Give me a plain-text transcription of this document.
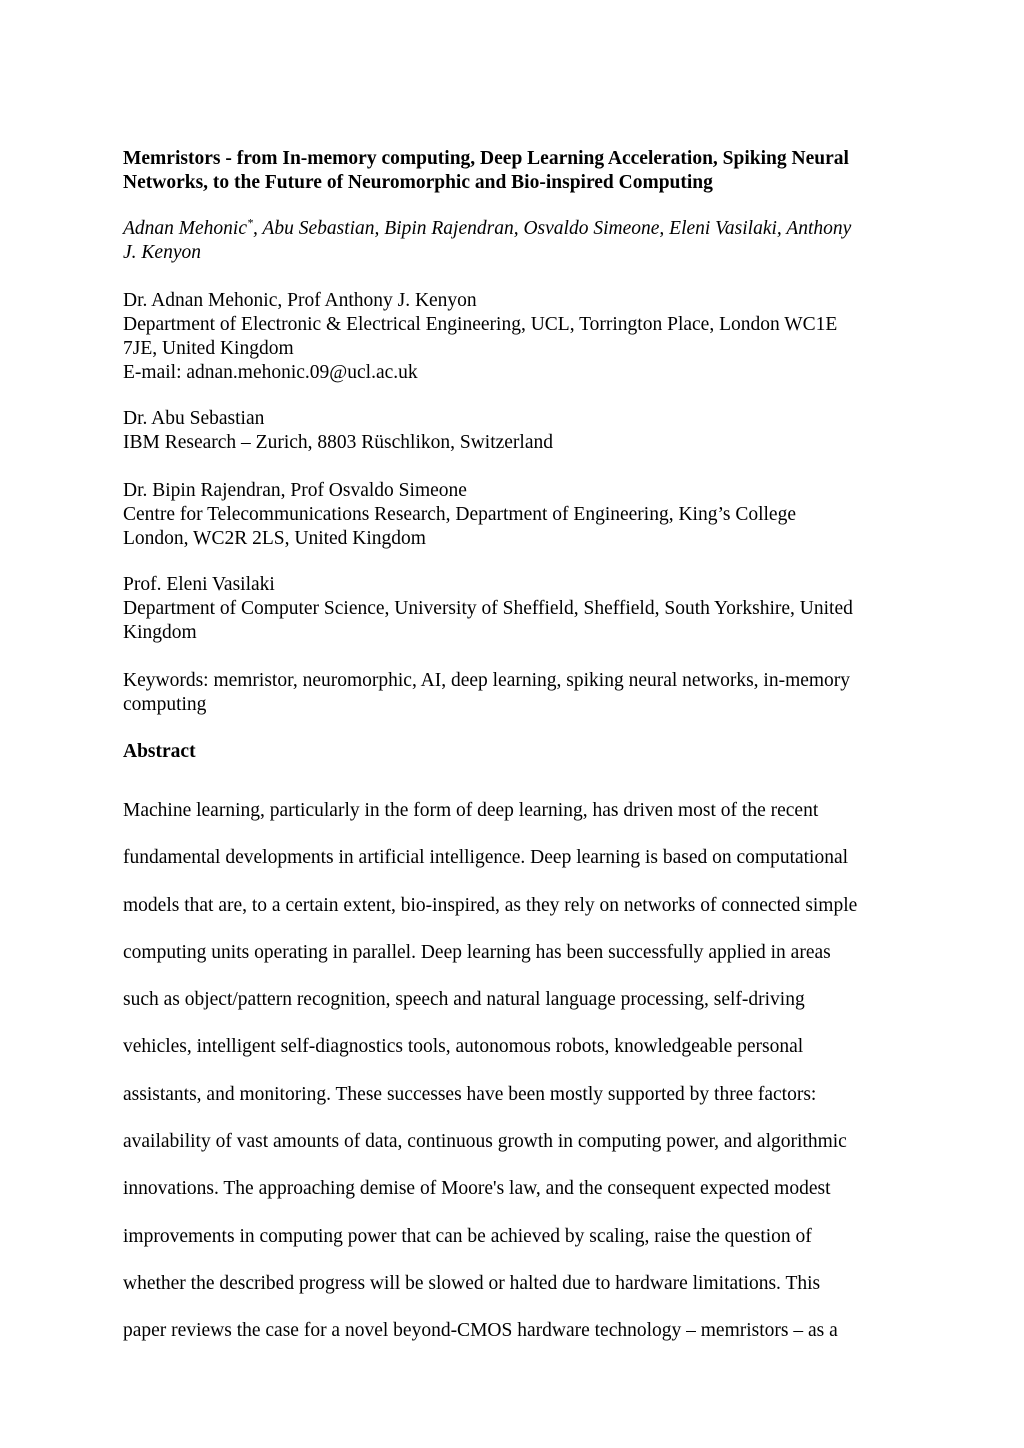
Memristors - from In-memory computing, Deep Learning Acceleration, Spiking Neural
Networks, to the Future of Neuromorphic and Bio-inspired Computing
Adnan Mehonic*, Abu Sebastian, Bipin Rajendran, Osvaldo Simeone, Eleni Vasilaki, Anthony
J. Kenyon
Dr. Adnan Mehonic, Prof Anthony J. Kenyon
Department of Electronic & Electrical Engineering, UCL, Torrington Place, London WC1E
7JE, United Kingdom
E-mail: adnan.mehonic.09@ucl.ac.uk
Dr. Abu Sebastian
IBM Research – Zurich, 8803 Rüschlikon, Switzerland
Dr. Bipin Rajendran, Prof Osvaldo Simeone
Centre for Telecommunications Research, Department of Engineering, King’s College
London, WC2R 2LS, United Kingdom
Prof. Eleni Vasilaki
Department of Computer Science, University of Sheffield, Sheffield, South Yorkshire, United
Kingdom
Keywords: memristor, neuromorphic, AI, deep learning, spiking neural networks, in-memory
computing
Abstract
Machine learning, particularly in the form of deep learning, has driven most of the recent
fundamental developments in artificial intelligence. Deep learning is based on computational
models that are, to a certain extent, bio-inspired, as they rely on networks of connected simple
computing units operating in parallel. Deep learning has been successfully applied in areas
such as object/pattern recognition, speech and natural language processing, self-driving
vehicles, intelligent self-diagnostics tools, autonomous robots, knowledgeable personal
assistants, and monitoring. These successes have been mostly supported by three factors:
availability of vast amounts of data, continuous growth in computing power, and algorithmic
innovations. The approaching demise of Moore's law, and the consequent expected modest
improvements in computing power that can be achieved by scaling, raise the question of
whether the described progress will be slowed or halted due to hardware limitations. This
paper reviews the case for a novel beyond-CMOS hardware technology – memristors – as a
